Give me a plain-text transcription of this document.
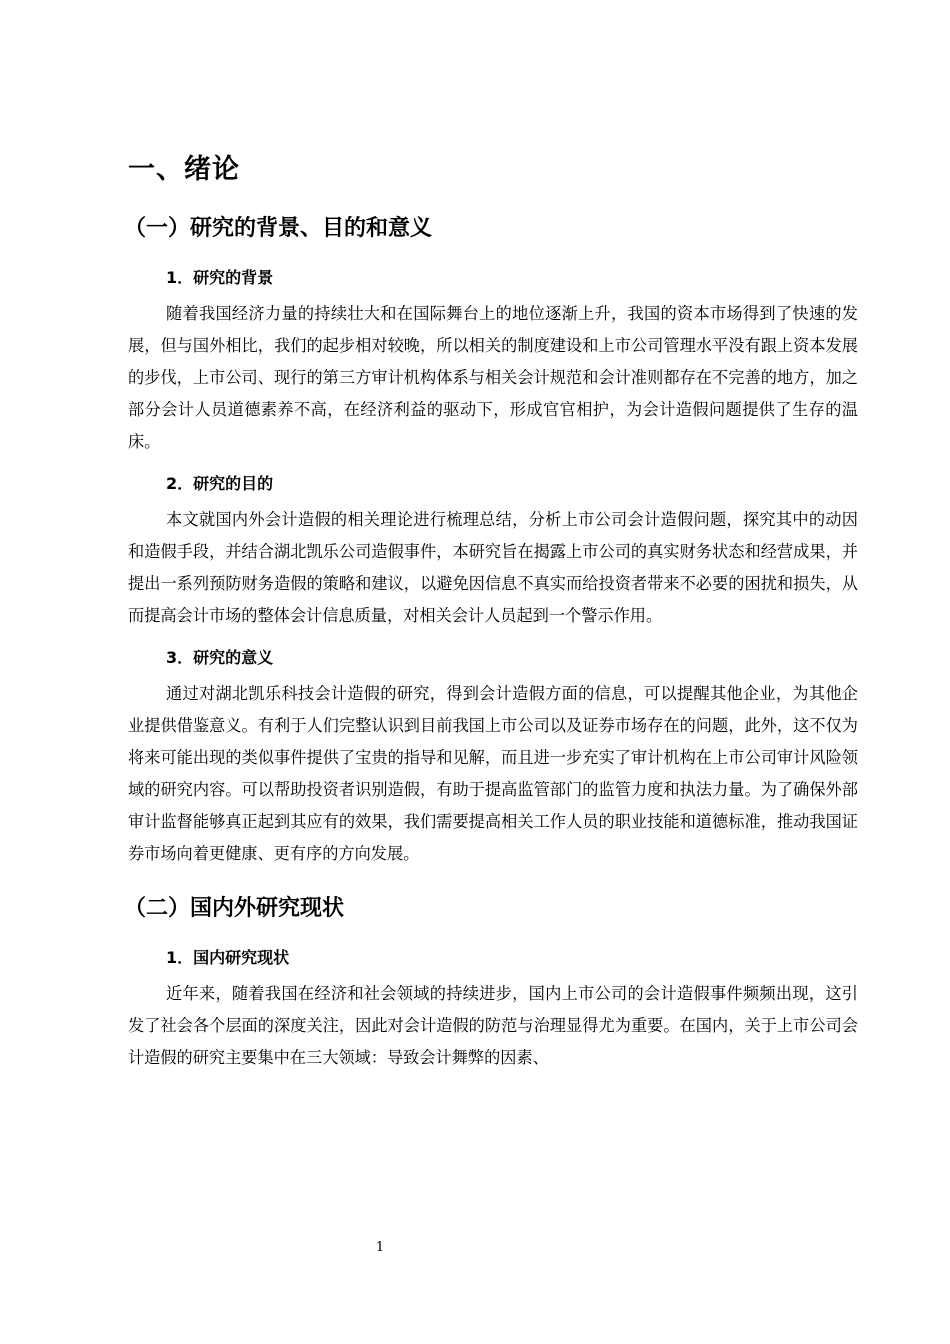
一、绪论
（一）研究的背景、目的和意义
1．研究的背景

随着我国经济力量的持续壮大和在国际舞台上的地位逐渐上升，我国的资本市场得到了快速的发展，但与国外相比，我们的起步相对较晚，所以相关的制度建设和上市公司管理水平没有跟上资本发展的步伐，上市公司、现行的第三方审计机构体系与相关会计规范和会计准则都存在不完善的地方，加之部分会计人员道德素养不高，在经济利益的驱动下，形成官官相护，为会计造假问题提供了生存的温床。

2．研究的目的

本文就国内外会计造假的相关理论进行梳理总结，分析上市公司会计造假问题，探究其中的动因和造假手段，并结合湖北凯乐公司造假事件，本研究旨在揭露上市公司的真实财务状态和经营成果，并提出一系列预防财务造假的策略和建议，以避免因信息不真实而给投资者带来不必要的困扰和损失，从而提高会计市场的整体会计信息质量，对相关会计人员起到一个警示作用。

3．研究的意义

通过对湖北凯乐科技会计造假的研究，得到会计造假方面的信息，可以提醒其他企业，为其他企业提供借鉴意义。有利于人们完整认识到目前我国上市公司以及证券市场存在的问题，此外，这不仅为将来可能出现的类似事件提供了宝贵的指导和见解，而且进一步充实了审计机构在上市公司审计风险领域的研究内容。可以帮助投资者识别造假，有助于提高监管部门的监管力度和执法力量。为了确保外部审计监督能够真正起到其应有的效果，我们需要提高相关工作人员的职业技能和道德标准，推动我国证券市场向着更健康、更有序的方向发展。

（二）国内外研究现状
1．国内研究现状

近年来，随着我国在经济和社会领域的持续进步，国内上市公司的会计造假事件频频出现，这引发了社会各个层面的深度关注，因此对会计造假的防范与治理显得尤为重要。在国内，关于上市公司会计造假的研究主要集中在三大领域：导致会计舞弊的因素、

1
